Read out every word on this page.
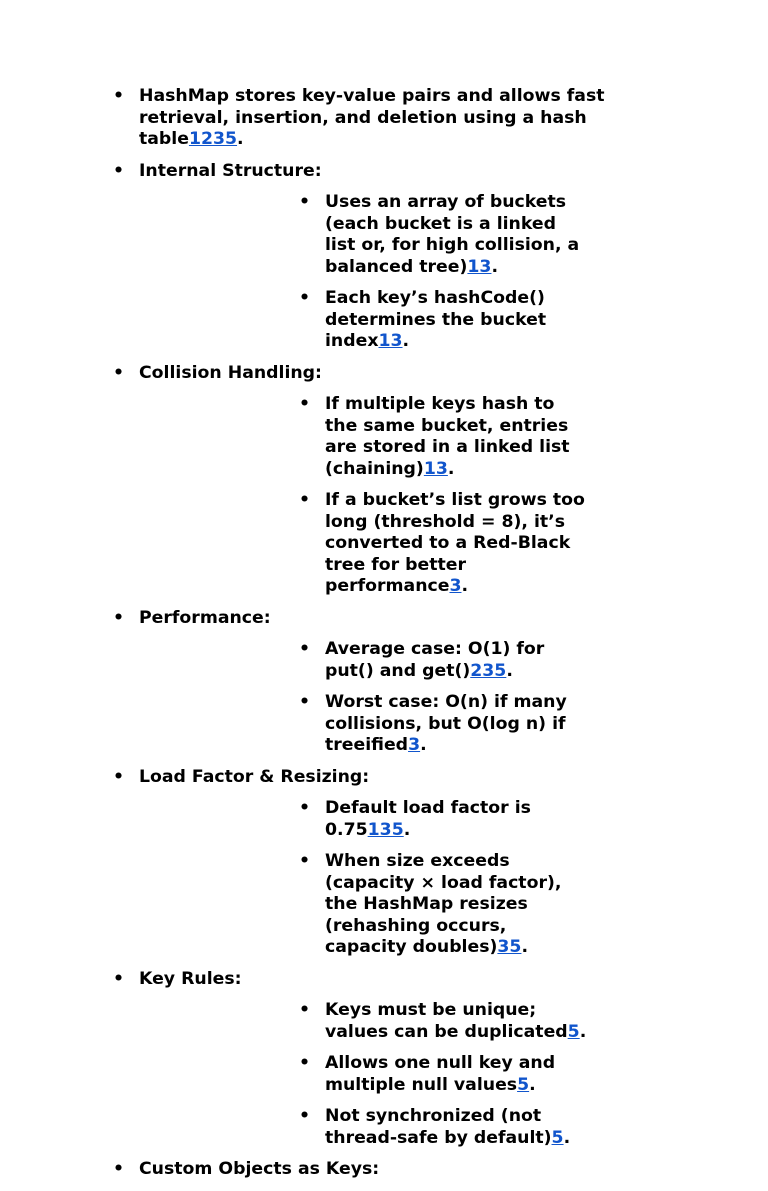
• HashMap stores key-value pairs and allows fast retrieval, insertion, and deletion using a hash table1235.
• Internal Structure:
• Uses an array of buckets (each bucket is a linked list or, for high collision, a balanced tree)13.
• Each key’s hashCode() determines the bucket index13.
• Collision Handling:
• If multiple keys hash to the same bucket, entries are stored in a linked list (chaining)13.
• If a bucket’s list grows too long (threshold = 8), it’s converted to a Red-Black tree for better performance3.
• Performance:
• Average case: O(1) for put() and get()235.
• Worst case: O(n) if many collisions, but O(log n) if treeified3.
• Load Factor & Resizing:
• Default load factor is 0.75135.
• When size exceeds (capacity × load factor), the HashMap resizes (rehashing occurs, capacity doubles)35.
• Key Rules:
• Keys must be unique; values can be duplicated5.
• Allows one null key and multiple null values5.
• Not synchronized (not thread-safe by default)5.
• Custom Objects as Keys:
